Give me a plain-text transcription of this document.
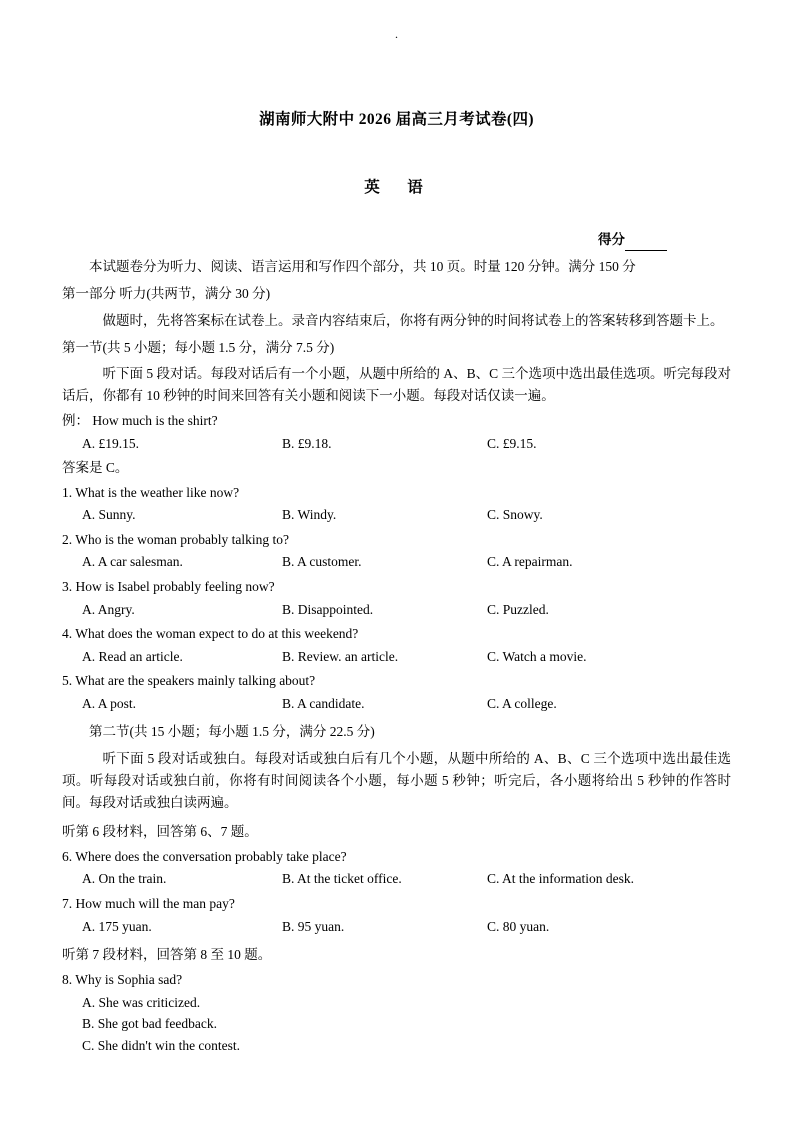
.
湖南师大附中 2026 届高三月考试卷(四)
英　语
得分

本试题卷分为听力、阅读、语言运用和写作四个部分，共 10 页。时量 120 分钟。满分 150 分

第一部分 听力(共两节，满分 30 分)

做题时，先将答案标在试卷上。录音内容结束后，你将有两分钟的时间将试卷上的答案转移到答题卡上。

第一节(共 5 小题；每小题 1.5 分，满分 7.5 分)

听下面 5 段对话。每段对话后有一个小题，从题中所给的 A、B、C 三个选项中选出最佳选项。听完每段对话后，你都有 10 秒钟的时间来回答有关小题和阅读下一小题。每段对话仅读一遍。

例： How much is the shirt?

A. £19.15.	B. £9.18.	C. £9.15.

答案是 C。

1. What is the weather like now?

A. Sunny.	B. Windy.	C. Snowy.

2. Who is the woman probably talking to?

A. A car salesman.	B. A customer.	C. A repairman.

3. How is Isabel probably feeling now?

A. Angry.	B. Disappointed.	C. Puzzled.

4. What does the woman expect to do at this weekend?

A. Read an article.	B. Review. an article.	C. Watch a movie.

5. What are the speakers mainly talking about?

A. A post.	B. A candidate.	C. A college.

第二节(共 15 小题；每小题 1.5 分，满分 22.5 分)

听下面 5 段对话或独白。每段对话或独白后有几个小题，从题中所给的 A、B、C 三个选项中选出最佳选项。听每段对话或独白前，你将有时间阅读各个小题，每小题 5 秒钟；听完后，各小题将给出 5 秒钟的作答时间。每段对话或独白读两遍。

听第 6 段材料，回答第 6、7 题。

6. Where does the conversation probably take place?

A. On the train.	B. At the ticket office.	C. At the information desk.

7. How much will the man pay?

A. 175 yuan.	B. 95 yuan.	C. 80 yuan.

听第 7 段材料，回答第 8 至 10 题。

8. Why is Sophia sad?

A. She was criticized.
B. She got bad feedback.
C. She didn't win the contest.
